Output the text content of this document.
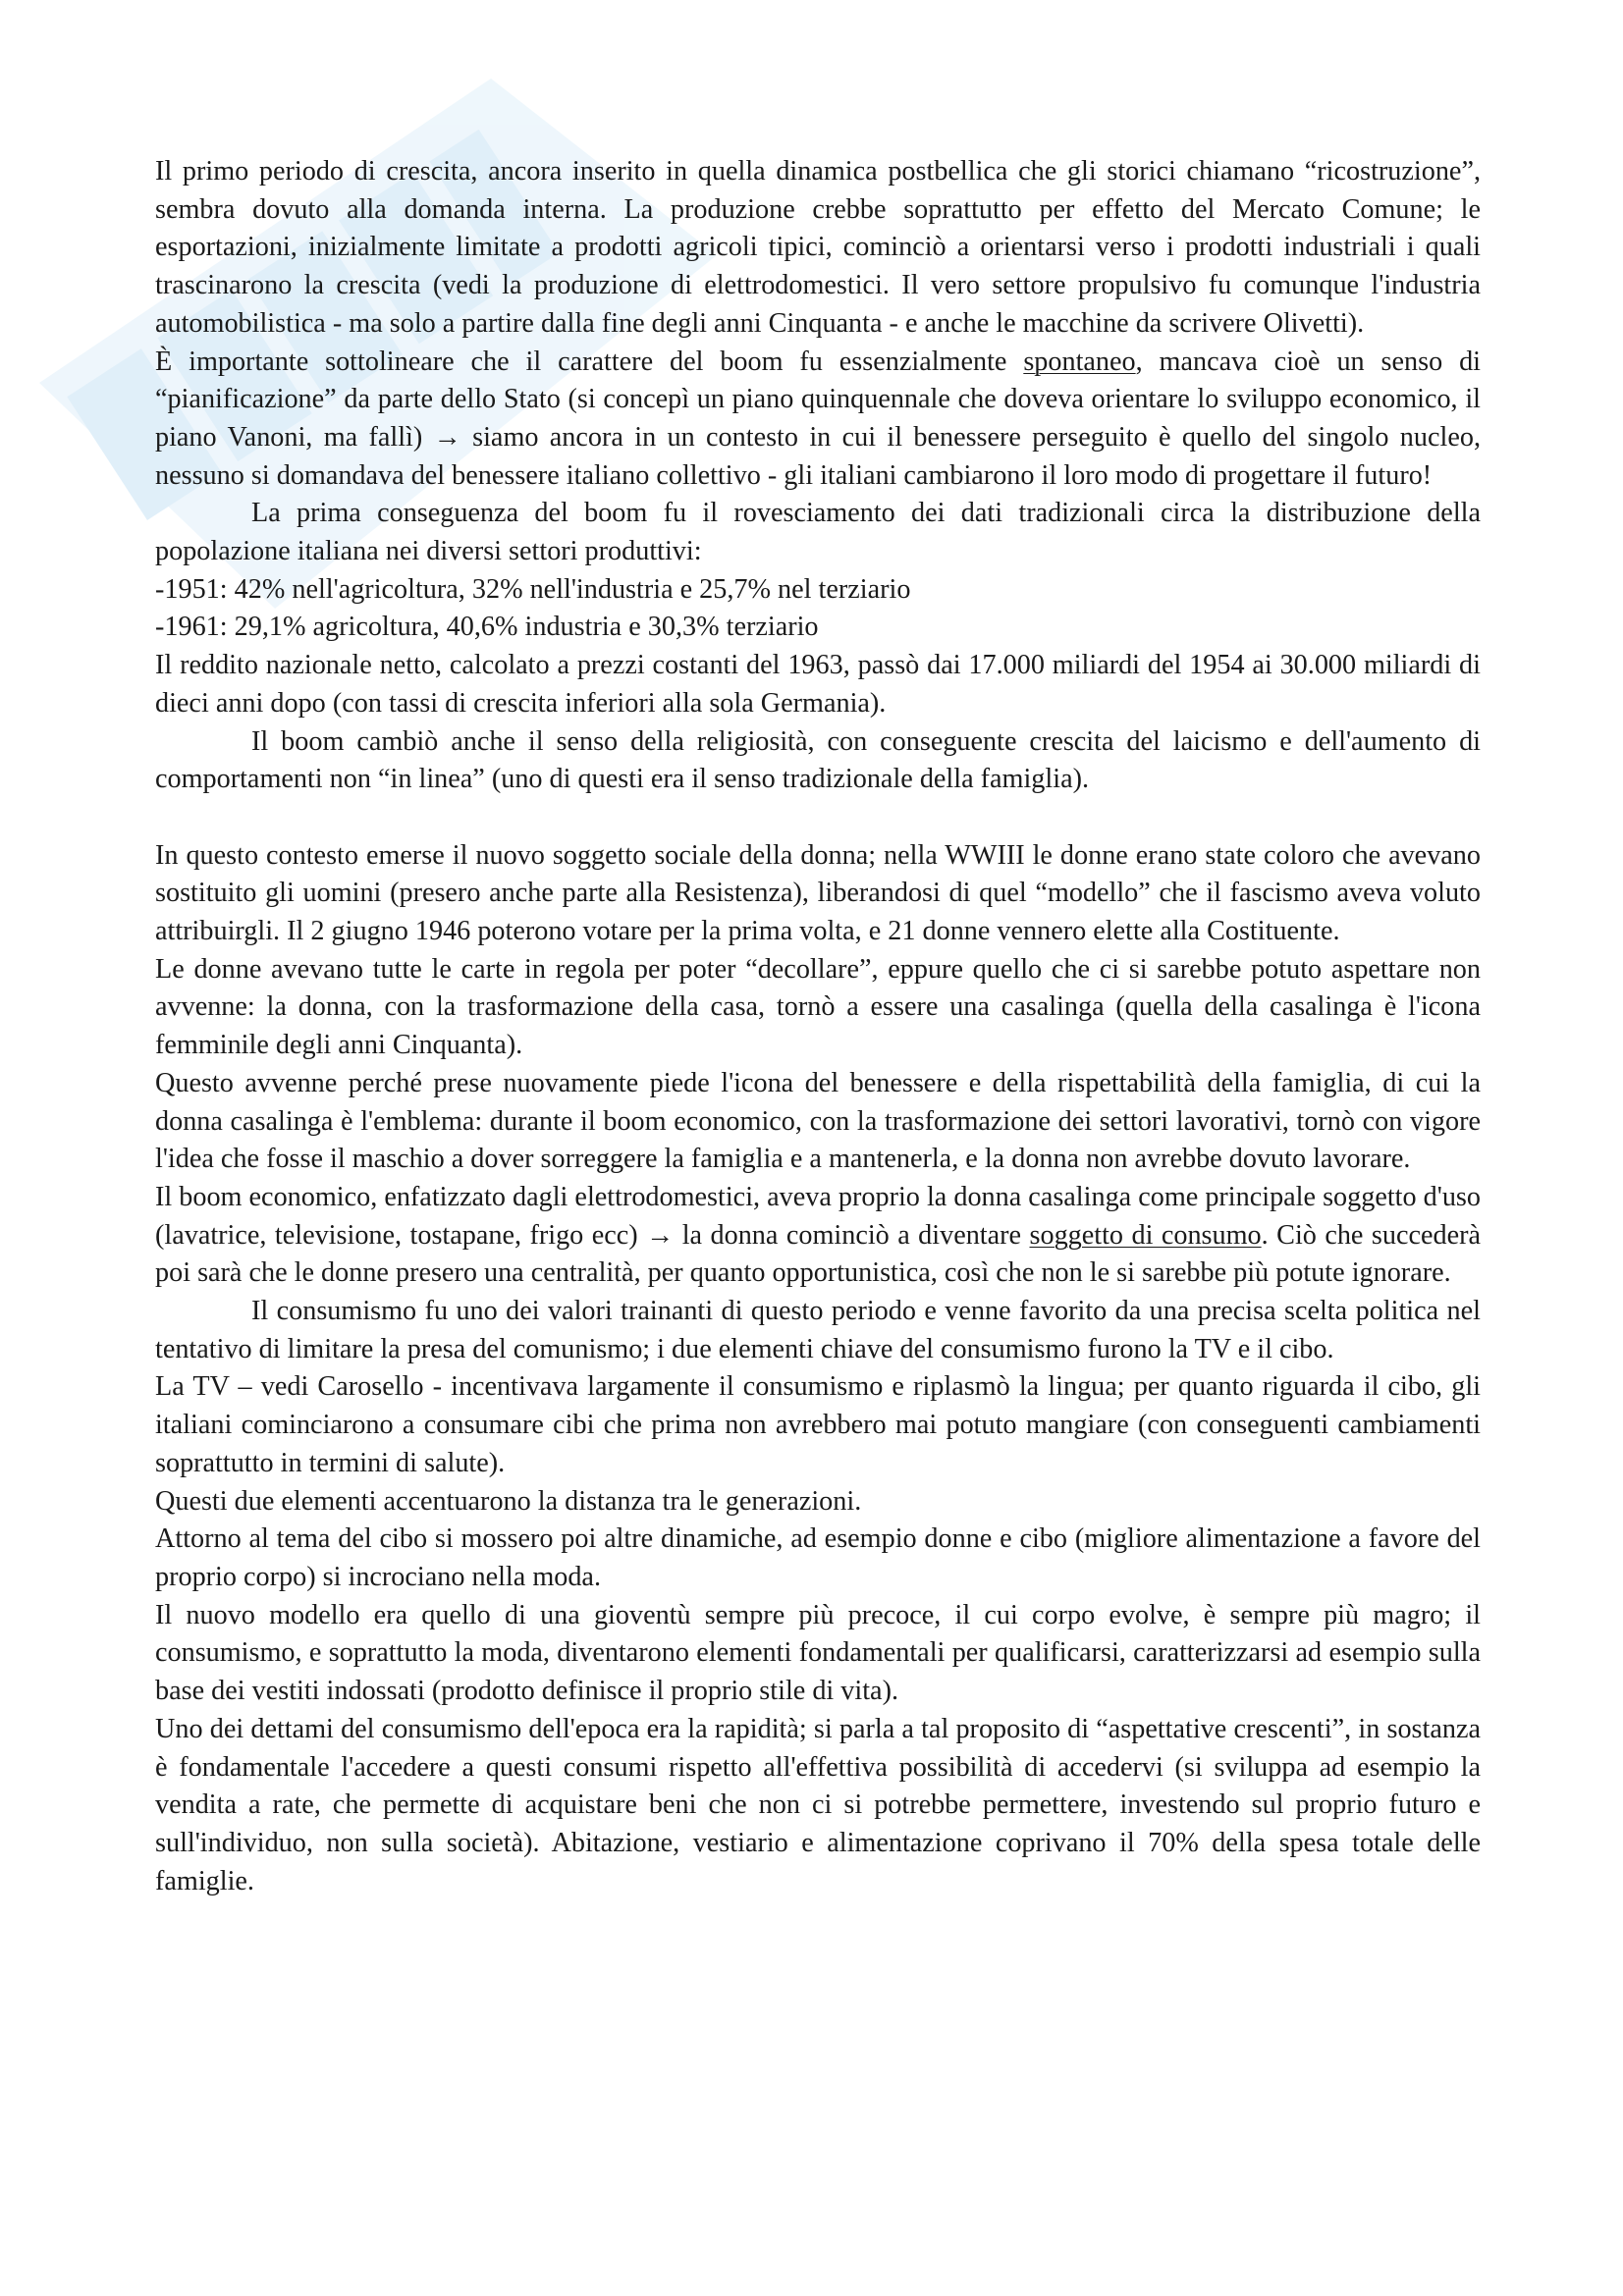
Il primo periodo di crescita, ancora inserito in quella dinamica postbellica che gli storici chiamano “ricostruzione”, sembra dovuto alla domanda interna. La produzione crebbe soprattutto per effetto del Mercato Comune; le esportazioni, inizialmente limitate a prodotti agricoli tipici, cominciò a orientarsi verso i prodotti industriali i quali trascinarono la crescita (vedi la produzione di elettrodomestici. Il vero settore propulsivo fu comunque l'industria automobilistica - ma solo a partire dalla fine degli anni Cinquanta - e anche le macchine da scrivere Olivetti).

È importante sottolineare che il carattere del boom fu essenzialmente spontaneo, mancava cioè un senso di “pianificazione” da parte dello Stato (si concepì un piano quinquennale che doveva orientare lo sviluppo economico, il piano Vanoni, ma fallì) → siamo ancora in un contesto in cui il benessere perseguito è quello del singolo nucleo, nessuno si domandava del benessere italiano collettivo - gli italiani cambiarono il loro modo di progettare il futuro!

La prima conseguenza del boom fu il rovesciamento dei dati tradizionali circa la distribuzione della popolazione italiana nei diversi settori produttivi:

-1951: 42% nell'agricoltura, 32% nell'industria e 25,7% nel terziario

-1961: 29,1% agricoltura, 40,6% industria e 30,3% terziario

Il reddito nazionale netto, calcolato a prezzi costanti del 1963, passò dai 17.000 miliardi del 1954 ai 30.000 miliardi di dieci anni dopo (con tassi di crescita inferiori alla sola Germania).

Il boom cambiò anche il senso della religiosità, con conseguente crescita del laicismo e dell'aumento di comportamenti non “in linea” (uno di questi era il senso tradizionale della famiglia).

In questo contesto emerse il nuovo soggetto sociale della donna; nella WWIII le donne erano state coloro che avevano sostituito gli uomini (presero anche parte alla Resistenza), liberandosi di quel “modello” che il fascismo aveva voluto attribuirgli. Il 2 giugno 1946 poterono votare per la prima volta, e 21 donne vennero elette alla Costituente.

Le donne avevano tutte le carte in regola per poter “decollare”, eppure quello che ci si sarebbe potuto aspettare non avvenne: la donna, con la trasformazione della casa, tornò a essere una casalinga (quella della casalinga è l'icona femminile degli anni Cinquanta).

Questo avvenne perché prese nuovamente piede l'icona del benessere e della rispettabilità della famiglia, di cui la donna casalinga è l'emblema: durante il boom economico, con la trasformazione dei settori lavorativi, tornò con vigore l'idea che fosse il maschio a dover sorreggere la famiglia e a mantenerla, e la donna non avrebbe dovuto lavorare.

Il boom economico, enfatizzato dagli elettrodomestici, aveva proprio la donna casalinga come principale soggetto d'uso (lavatrice, televisione, tostapane, frigo ecc) → la donna cominciò a diventare soggetto di consumo. Ciò che succederà poi sarà che le donne presero una centralità, per quanto opportunistica, così che non le si sarebbe più potute ignorare.

Il consumismo fu uno dei valori trainanti di questo periodo e venne favorito da una precisa scelta politica nel tentativo di limitare la presa del comunismo; i due elementi chiave del consumismo furono la TV e il cibo.

La TV – vedi Carosello - incentivava largamente il consumismo e riplasmò la lingua; per quanto riguarda il cibo, gli italiani cominciarono a consumare cibi che prima non avrebbero mai potuto mangiare (con conseguenti cambiamenti soprattutto in termini di salute).

Questi due elementi accentuarono la distanza tra le generazioni.

Attorno al tema del cibo si mossero poi altre dinamiche, ad esempio donne e cibo (migliore alimentazione a favore del proprio corpo) si incrociano nella moda.

Il nuovo modello era quello di una gioventù sempre più precoce, il cui corpo evolve, è sempre più magro; il consumismo, e soprattutto la moda, diventarono elementi fondamentali per qualificarsi, caratterizzarsi ad esempio sulla base dei vestiti indossati (prodotto definisce il proprio stile di vita).

Uno dei dettami del consumismo dell'epoca era la rapidità; si parla a tal proposito di “aspettative crescenti”, in sostanza è fondamentale l'accedere a questi consumi rispetto all'effettiva possibilità di accedervi (si sviluppa ad esempio la vendita a rate, che permette di acquistare beni che non ci si potrebbe permettere, investendo sul proprio futuro e sull'individuo, non sulla società). Abitazione, vestiario e alimentazione coprivano il 70% della spesa totale delle famiglie.
